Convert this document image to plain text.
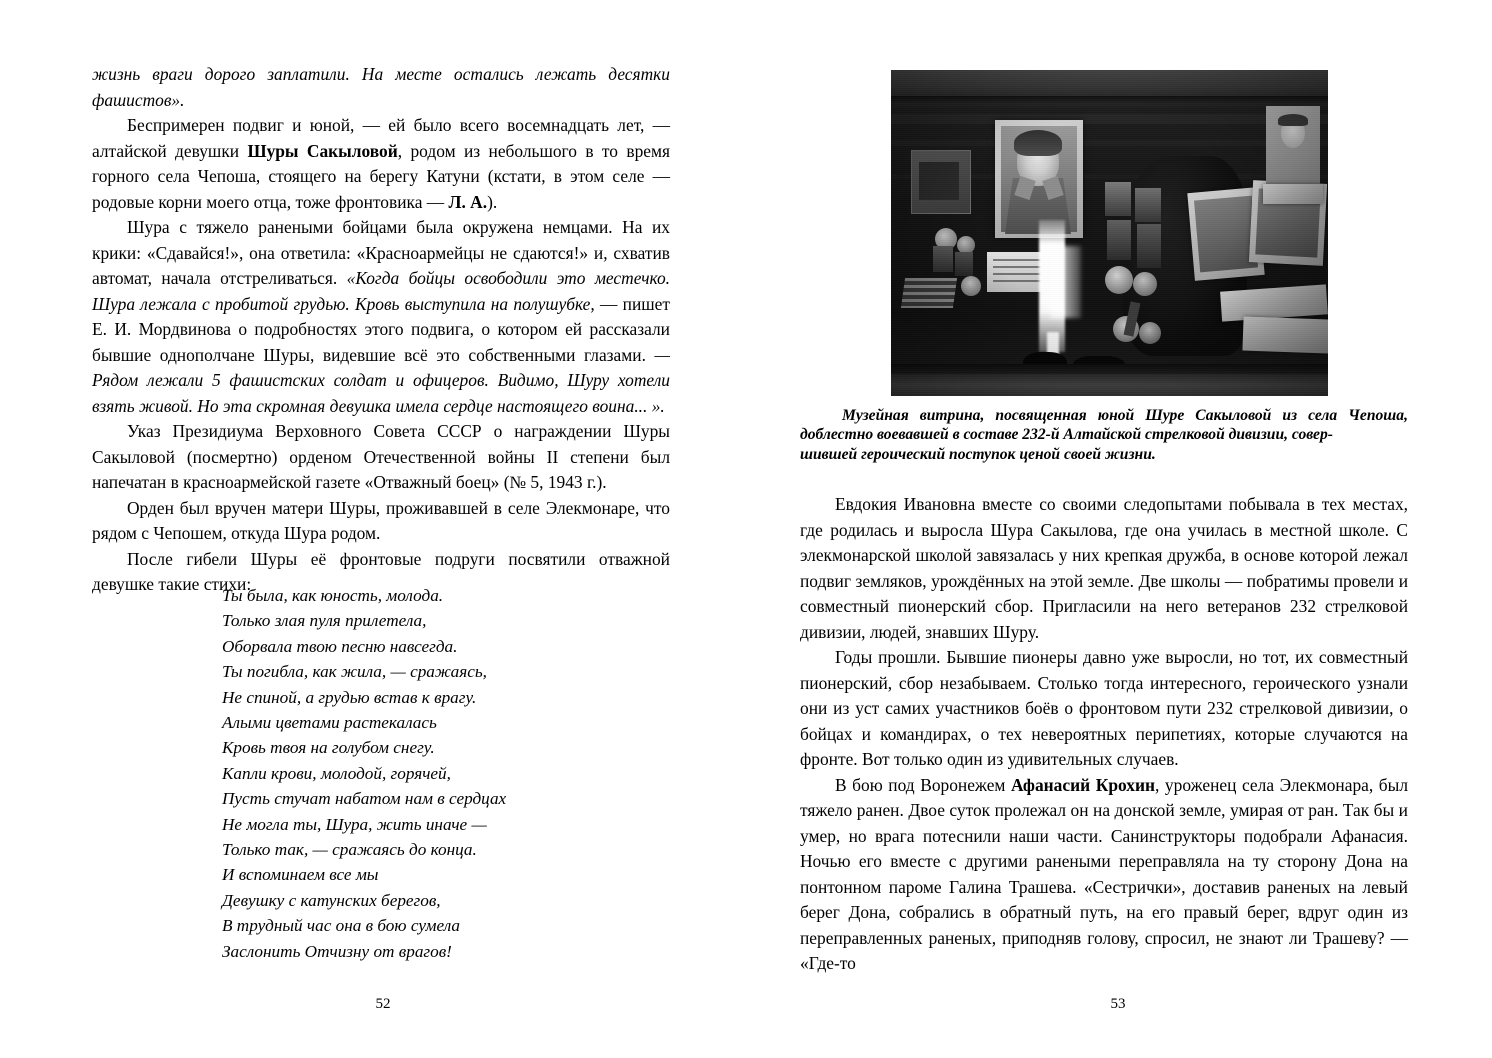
жизнь враги дорого заплатили. На месте остались лежать десятки фашистов».

Беспримерен подвиг и юной, — ей было всего восемнадцать лет, — алтайской девушки Шуры Сакыловой, родом из небольшого в то время горного села Чепоша, стоящего на берегу Катуни (кстати, в этом селе — родовые корни моего отца, тоже фронтовика — Л. А.).

Шура с тяжело ранеными бойцами была окружена немцами. На их крики: «Сдавайся!», она ответила: «Красноармейцы не сдаются!» и, схватив автомат, начала отстреливаться. «Когда бойцы освободили это местечко. Шура лежала с пробитой грудью. Кровь выступила на полушубке, — пишет Е. И. Мордвинова о подробностях этого подвига, о котором ей рассказали бывшие однополчане Шуры, видевшие всё это собственными глазами. — Рядом лежали 5 фашистских солдат и офицеров. Видимо, Шуру хотели взять живой. Но эта скромная девушка имела сердце настоящего воина... ».

Указ Президиума Верховного Совета СССР о награждении Шуры Сакыловой (посмертно) орденом Отечественной войны II степени был напечатан в красноармейской газете «Отважный боец» (№ 5, 1943 г.).

Орден был вручен матери Шуры, проживавшей в селе Элекмонаре, что рядом с Чепошем, откуда Шура родом.

После гибели Шуры её фронтовые подруги посвятили отважной девушке такие стихи:

Ты была, как юность, молода.
Только злая пуля прилетела,
Оборвала твою песню навсегда.
Ты погибла, как жила, — сражаясь,
Не спиной, а грудью встав к врагу.
Алыми цветами растекалась
Кровь твоя на голубом снегу.
Капли крови, молодой, горячей,
Пусть стучат набатом нам в сердцах
Не могла ты, Шура, жить иначе —
Только так, — сражаясь до конца.
И вспоминаем все мы
Девушку с катунских берегов,
В трудный час она в бою сумела
Заслонить Отчизну от врагов!
52
Музейная витрина, посвященная юной Шуре Сакыловой из села Чепоша, доблестно воевавшей в составе 232-й Алтайской стрелковой дивизии, совер-
шившей героический поступок ценой своей жизни.

Евдокия Ивановна вместе со своими следопытами побывала в тех местах, где родилась и выросла Шура Сакылова, где она училась в местной школе. С элекмонарской школой завязалась у них крепкая дружба, в основе которой лежал подвиг земляков, урождённых на этой земле. Две школы — побратимы провели и совместный пионерский сбор. Пригласили на него ветеранов 232 стрелковой дивизии, людей, знавших Шуру.

Годы прошли. Бывшие пионеры давно уже выросли, но тот, их совместный пионерский, сбор незабываем. Столько тогда интересного, героического узнали они из уст самих участников боёв о фронтовом пути 232 стрелковой дивизии, о бойцах и командирах, о тех невероятных перипетиях, которые случаются на фронте. Вот только один из удивительных случаев.

В бою под Воронежем Афанасий Крохин, уроженец села Элекмонара, был тяжело ранен. Двое суток пролежал он на донской земле, умирая от ран. Так бы и умер, но врага потеснили наши части. Санинструкторы подобрали Афанасия. Ночью его вместе с другими ранеными переправляла на ту сторону Дона на понтонном пароме Галина Трашева. «Сестрички», доставив раненых на левый берег Дона, собрались в обратный путь, на его правый берег, вдруг один из переправленных раненых, приподняв голову, спросил, не знают ли Трашеву? — «Где-то

53
